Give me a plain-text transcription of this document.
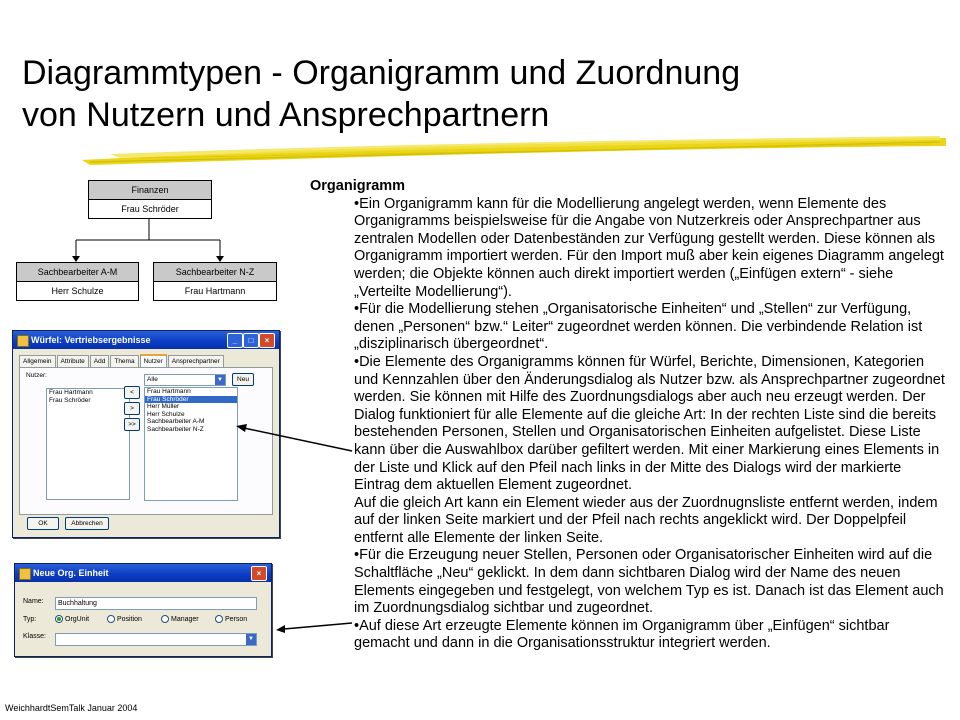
Diagrammtypen - Organigramm und Zuordnung
von Nutzern und Ansprechpartnern
Finanzen
Frau Schröder
Sachbearbeiter A-M
Herr Schulze
Sachbearbeiter N-Z
Frau Hartmann
Würfel: Vertriebsergebnisse	_	□	×
Allgemein	Attribute	Add	Thema	Nutzer	Ansprechpartner
Nutzer:
Frau Hartmann
Frau Schröder
Alle	▼	Neu
Frau Hartmann
Frau Schröder
Herr Müller
Herr Schulze
Sachbearbeiter A-M
Sachbearbeiter N-Z
<
>
>>
OK	Abbrechen
Neue Org. Einheit	×
Name:	Buchhaltung
Typ:	OrgUnit	Position	Manager	Person
Klasse:	▼
Organigramm
•Ein Organigramm kann für die Modellierung angelegt werden, wenn Elemente des Organigramms beispielsweise für die Angabe von Nutzerkreis oder Ansprechpartner aus zentralen Modellen oder Datenbeständen zur Verfügung gestellt werden. Diese können als Organigramm importiert werden. Für den Import muß aber kein eigenes Diagramm angelegt werden; die Objekte können auch direkt importiert werden („Einfügen extern“ - siehe „Verteilte Modellierung“).
•Für die Modellierung stehen „Organisatorische Einheiten“ und „Stellen“ zur Verfügung, denen „Personen“ bzw.“ Leiter“ zugeordnet werden können. Die verbindende Relation ist „disziplinarisch übergeordnet“.
•Die Elemente des Organigramms können für Würfel, Berichte, Dimensionen, Kategorien und Kennzahlen über den Änderungsdialog als Nutzer bzw. als Ansprechpartner zugeordnet werden. Sie können mit Hilfe des Zuordnungsdialogs aber auch neu erzeugt werden. Der Dialog funktioniert für alle Elemente auf die gleiche Art: In der rechten Liste sind die bereits bestehenden Personen, Stellen und Organisatorischen Einheiten aufgelistet. Diese Liste kann über die Auswahlbox darüber gefiltert werden. Mit einer Markierung eines Elements in der Liste und Klick auf den Pfeil nach links in der Mitte des Dialogs wird der markierte Eintrag dem aktuellen Element zugeordnet.
Auf die gleich Art kann ein Element wieder aus der Zuordnugnsliste entfernt werden, indem auf der linken Seite markiert und der Pfeil nach rechts angeklickt wird. Der Doppelpfeil entfernt alle Elemente der linken Seite.
•Für die Erzeugung neuer Stellen, Personen oder Organisatorischer Einheiten wird auf die Schaltfläche „Neu“ geklickt. In dem dann sichtbaren Dialog wird der Name des neuen Elements eingegeben und festgelegt, von welchem Typ es ist. Danach ist das Element auch im Zuordnungsdialog sichtbar und zugeordnet.
•Auf diese Art erzeugte Elemente können im Organigramm über „Einfügen“ sichtbar gemacht und dann in die Organisationsstruktur integriert werden.
WeichhardtSemTalk Januar 2004
